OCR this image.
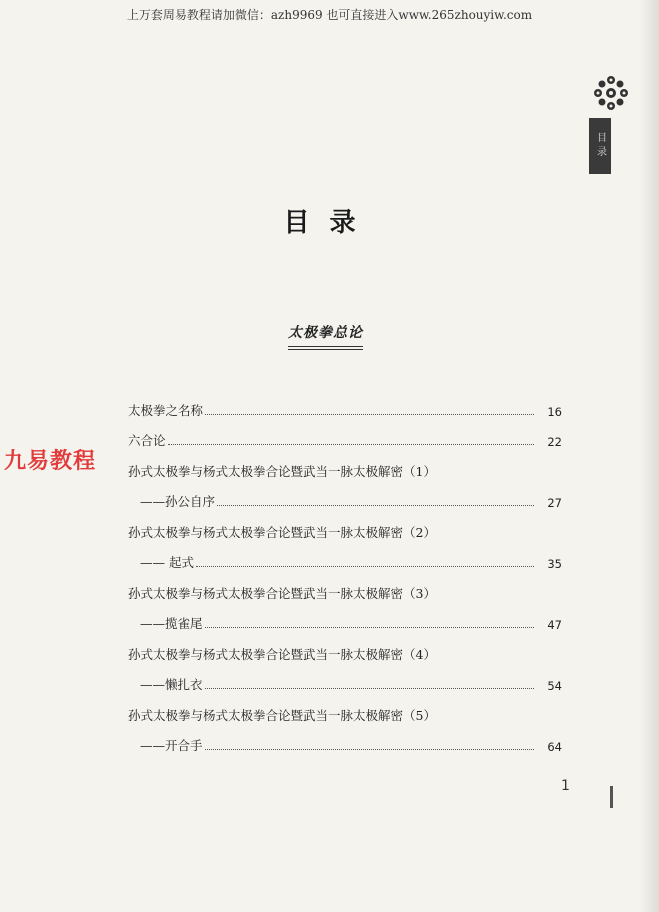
上万套周易教程请加微信：azh9969 也可直接进入www.265zhouyiw.com
目录
目录
太极拳总论
九易教程
太极拳之名称	16
六合论	22
孙式太极拳与杨式太极拳合论暨武当一脉太极解密（1）
——孙公自序	27
孙式太极拳与杨式太极拳合论暨武当一脉太极解密（2）
—— 起式	35
孙式太极拳与杨式太极拳合论暨武当一脉太极解密（3）
——揽雀尾	47
孙式太极拳与杨式太极拳合论暨武当一脉太极解密（4）
——懒扎衣	54
孙式太极拳与杨式太极拳合论暨武当一脉太极解密（5）
——开合手	64
1
